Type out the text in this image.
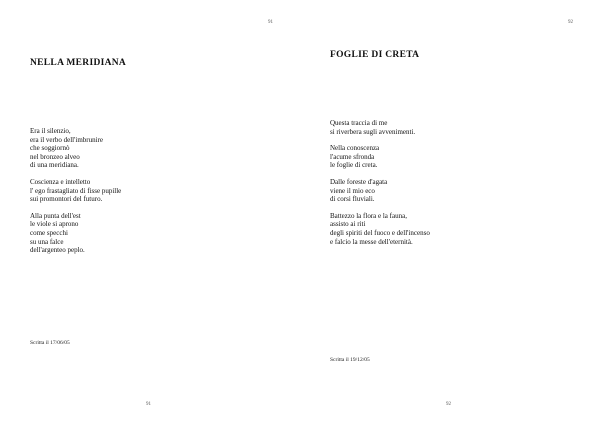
91
NELLA MERIDIANA
Era il silenzio,
era il verbo dell'imbrunire
che soggiornò
nel bronzeo alveo
di una meridiana.
Coscienza e intelletto
l' ego frastagliato di fisse pupille
sui promontori del futuro.
Alla punta dell'est
le viole si aprono
come specchi
su una falce
dell'argenteo peplo.
Scritta il 17/06/05
91
92
FOGLIE DI CRETA
Questa traccia di me
si riverbera sugli avvenimenti.
Nella conoscenza
l'acume sfronda
le foglie di creta.
Dalle foreste d'agata
viene il mio eco
di corsi fluviali.
Battezzo la flora e la fauna,
assisto ai riti
degli spiriti del fuoco e dell'incenso
e falcio la messe dell'eternità.
Scritta il 19/12/05
92
